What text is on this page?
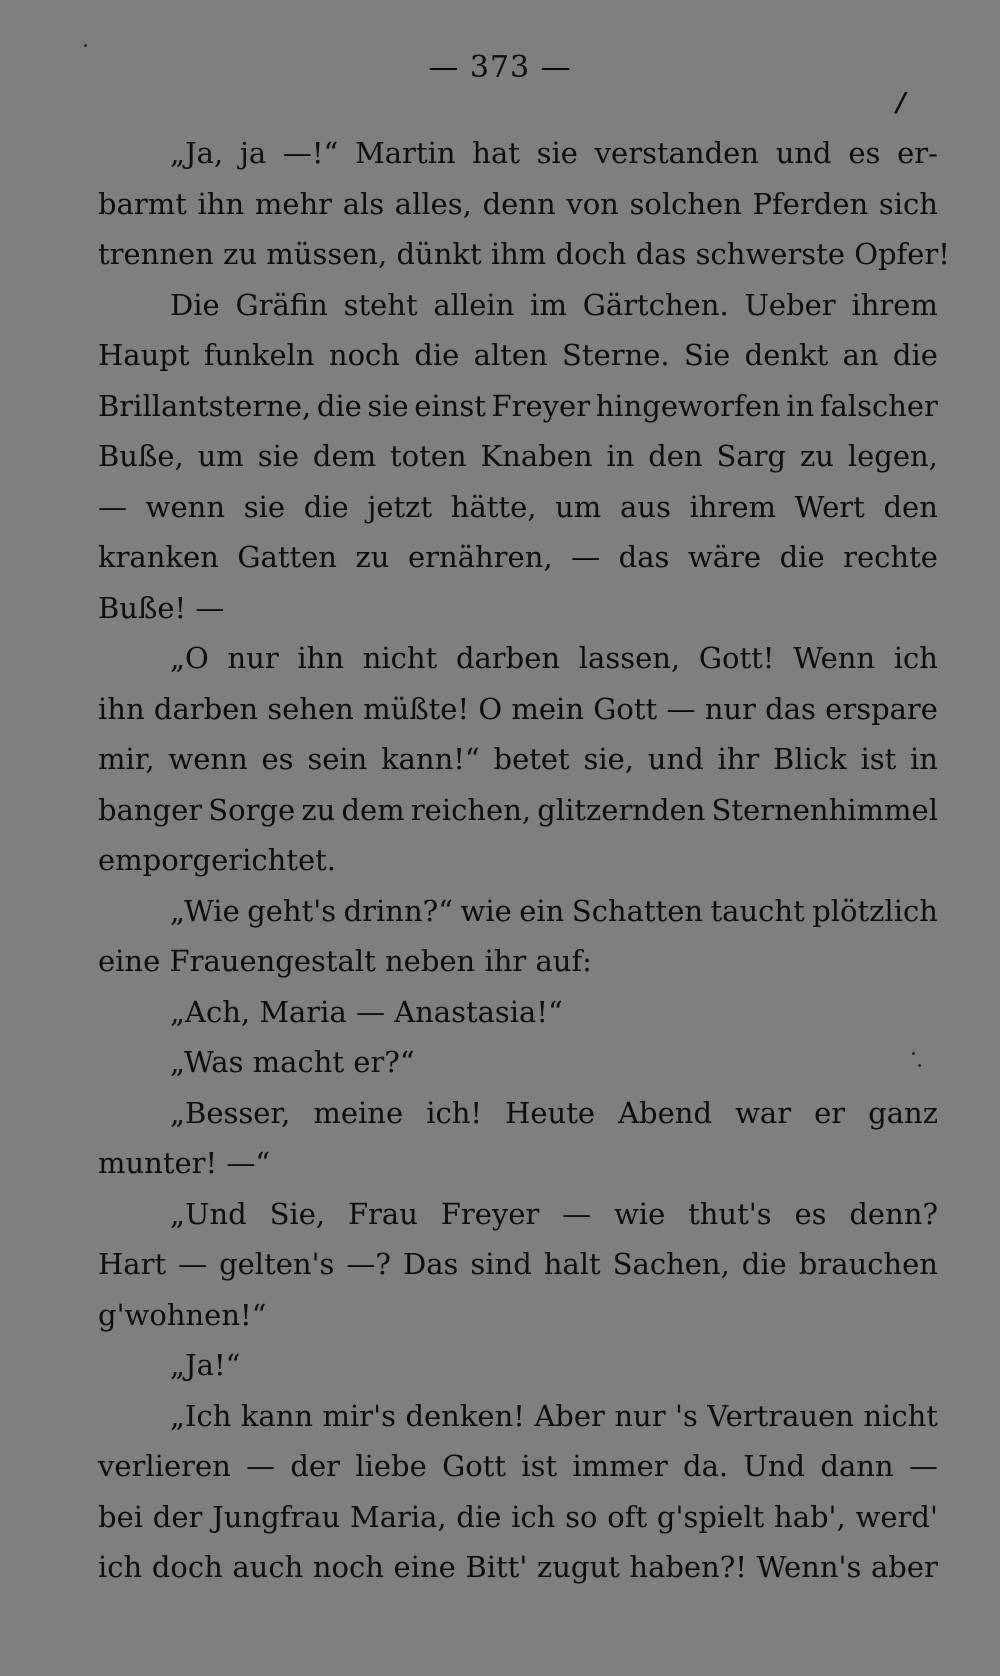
— 373 —
/
„Ja, ja —!“ Martin hat sie verstanden und es er-
barmt ihn mehr als alles, denn von solchen Pferden sich
trennen zu müssen, dünkt ihm doch das schwerste Opfer!
Die Gräfin steht allein im Gärtchen. Ueber ihrem
Haupt funkeln noch die alten Sterne. Sie denkt an die
Brillantsterne, die sie einst Freyer hingeworfen in falscher
Buße, um sie dem toten Knaben in den Sarg zu legen,
— wenn sie die jetzt hätte, um aus ihrem Wert den
kranken Gatten zu ernähren, — das wäre die rechte
Buße! —
„O nur ihn nicht darben lassen, Gott! Wenn ich
ihn darben sehen müßte! O mein Gott — nur das erspare
mir, wenn es sein kann!“ betet sie, und ihr Blick ist in
banger Sorge zu dem reichen, glitzernden Sternenhimmel
emporgerichtet.
„Wie geht's drinn?“ wie ein Schatten taucht plötzlich
eine Frauengestalt neben ihr auf:
„Ach, Maria — Anastasia!“
„Was macht er?“
„Besser, meine ich! Heute Abend war er ganz
munter! —“
„Und Sie, Frau Freyer — wie thut's es denn?
Hart — gelten's —? Das sind halt Sachen, die brauchen
g'wohnen!“
„Ja!“
„Ich kann mir's denken! Aber nur 's Vertrauen nicht
verlieren — der liebe Gott ist immer da. Und dann —
bei der Jungfrau Maria, die ich so oft g'spielt hab', werd'
ich doch auch noch eine Bitt' zugut haben?! Wenn's aber
